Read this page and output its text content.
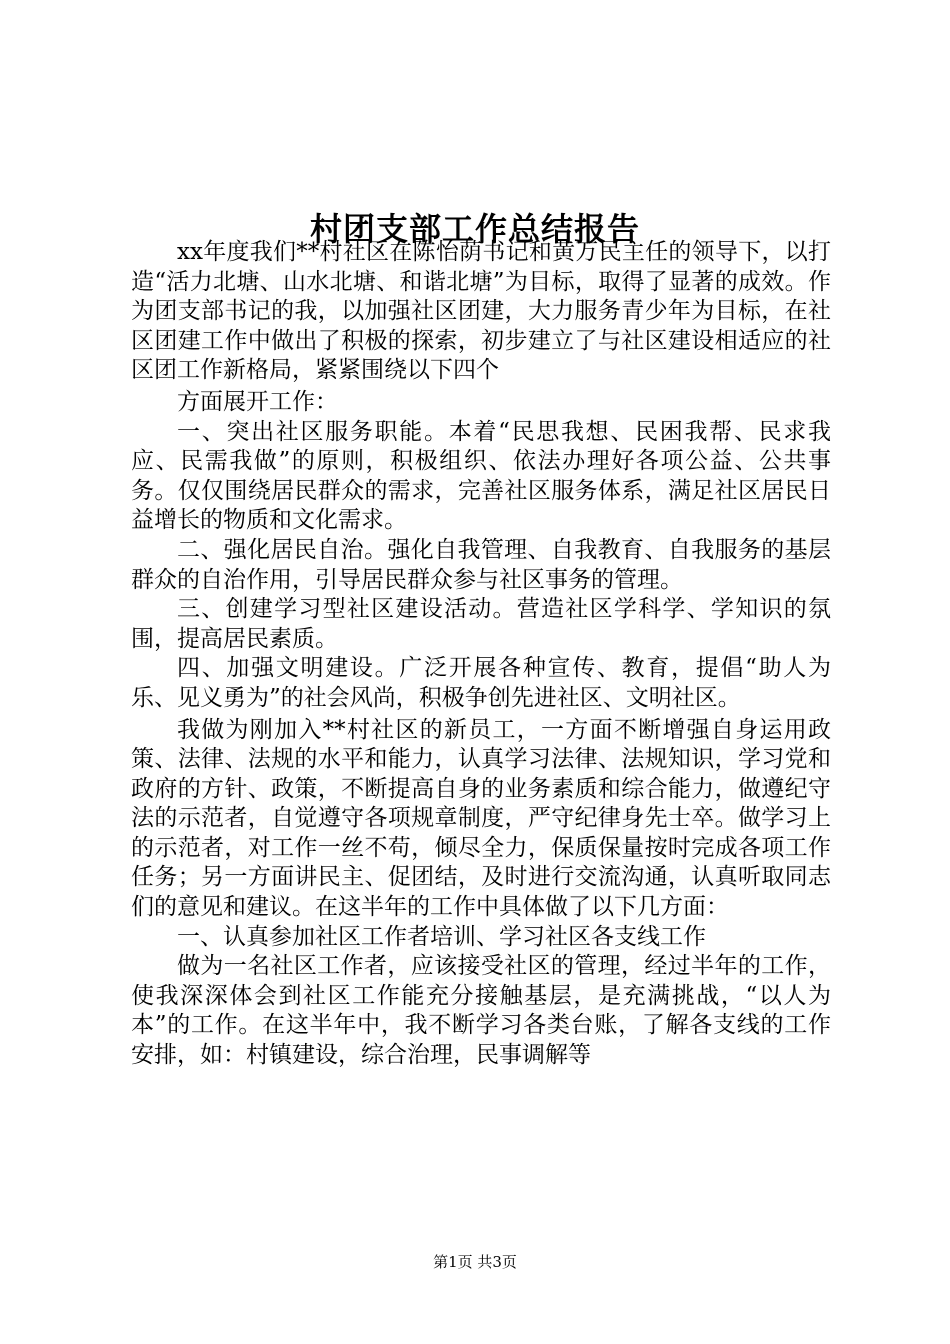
村团支部工作总结报告

xx年度我们**村社区在陈怡荫书记和黄万民主任的领导下，以打造“活力北塘、山水北塘、和谐北塘”为目标，取得了显著的成效。作为团支部书记的我，以加强社区团建，大力服务青少年为目标，在社区团建工作中做出了积极的探索，初步建立了与社区建设相适应的社区团工作新格局，紧紧围绕以下四个

方面展开工作：

一、突出社区服务职能。本着“民思我想、民困我帮、民求我应、民需我做”的原则，积极组织、依法办理好各项公益、公共事务。仅仅围绕居民群众的需求，完善社区服务体系，满足社区居民日益增长的物质和文化需求。

二、强化居民自治。强化自我管理、自我教育、自我服务的基层群众的自治作用，引导居民群众参与社区事务的管理。

三、创建学习型社区建设活动。营造社区学科学、学知识的氛围，提高居民素质。

四、加强文明建设。广泛开展各种宣传、教育，提倡“助人为乐、见义勇为”的社会风尚，积极争创先进社区、文明社区。

我做为刚加入**村社区的新员工，一方面不断增强自身运用政策、法律、法规的水平和能力，认真学习法律、法规知识，学习党和政府的方针、政策，不断提高自身的业务素质和综合能力，做遵纪守法的示范者，自觉遵守各项规章制度，严守纪律身先士卒。做学习上的示范者，对工作一丝不苟，倾尽全力，保质保量按时完成各项工作任务；另一方面讲民主、促团结，及时进行交流沟通，认真听取同志们的意见和建议。在这半年的工作中具体做了以下几方面：

一、认真参加社区工作者培训、学习社区各支线工作

做为一名社区工作者，应该接受社区的管理，经过半年的工作，使我深深体会到社区工作能充分接触基层，是充满挑战，“以人为本”的工作。在这半年中，我不断学习各类台账，了解各支线的工作安排，如：村镇建设，综合治理，民事调解等

第1页 共3页
